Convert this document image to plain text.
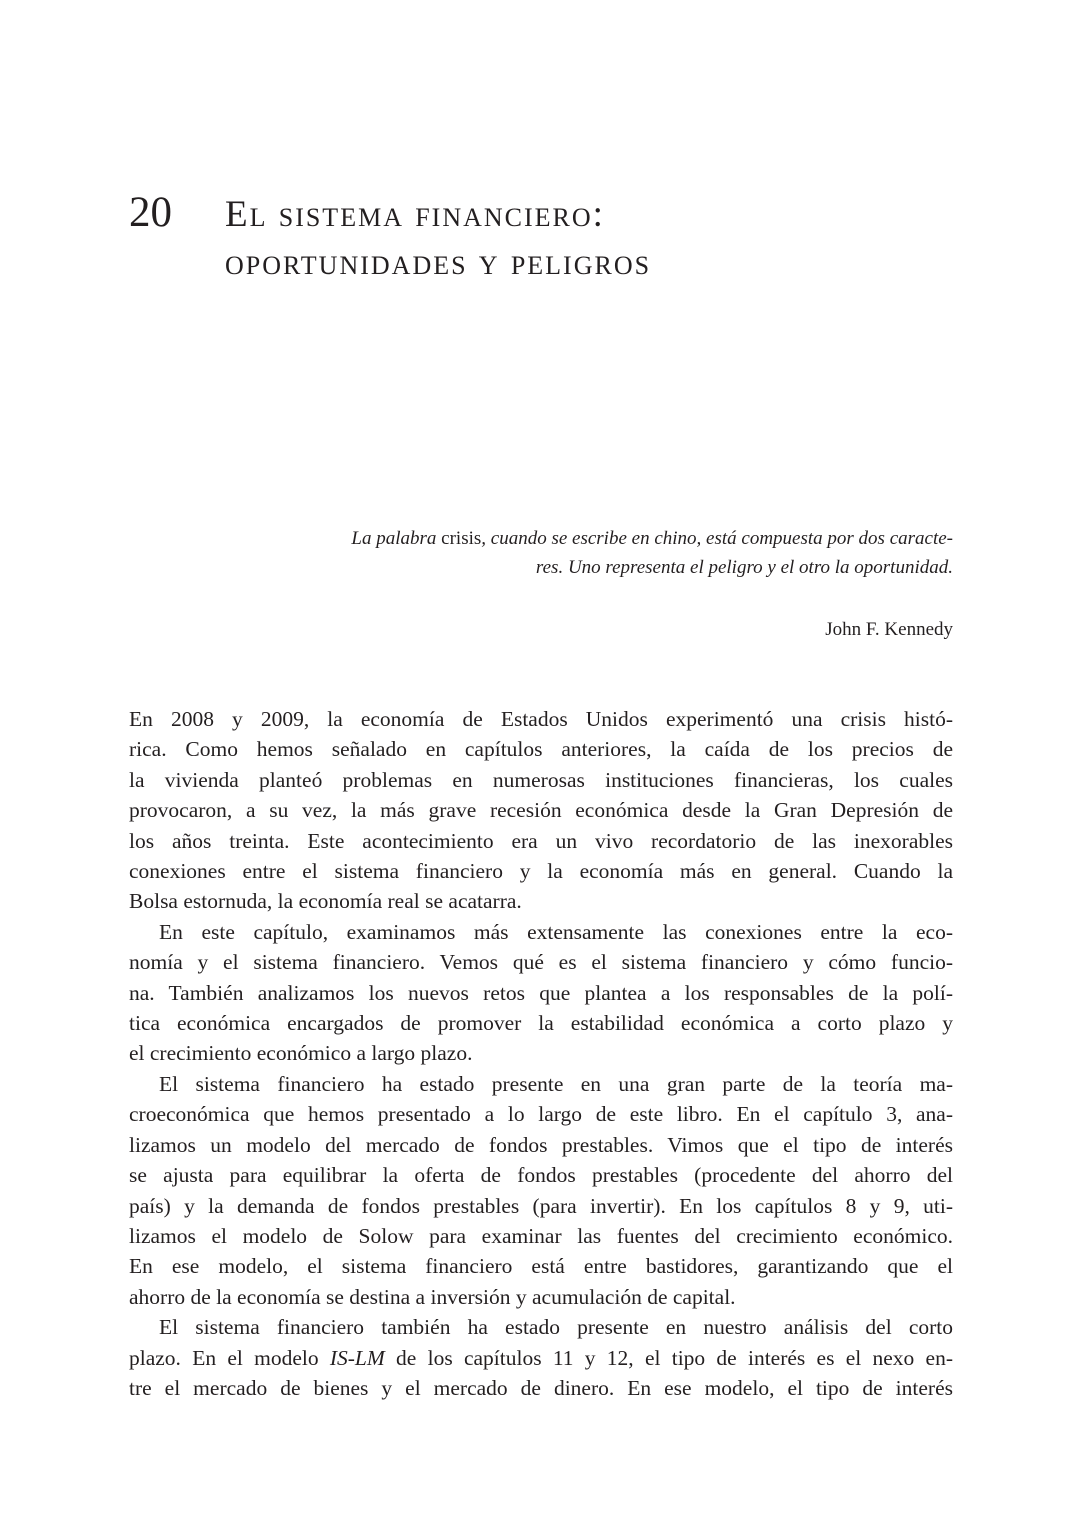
20 El sistema financiero:
oportunidades y peligros
La palabra crisis, cuando se escribe en chino, está compuesta por dos caracte-
res. Uno representa el peligro y el otro la oportunidad.
John F. Kennedy
En 2008 y 2009, la economía de Estados Unidos experimentó una crisis histó-
rica. Como hemos señalado en capítulos anteriores, la caída de los precios de
la vivienda planteó problemas en numerosas instituciones financieras, los cuales
provocaron, a su vez, la más grave recesión económica desde la Gran Depresión de
los años treinta. Este acontecimiento era un vivo recordatorio de las inexorables
conexiones entre el sistema financiero y la economía más en general. Cuando la
Bolsa estornuda, la economía real se acatarra.
En este capítulo, examinamos más extensamente las conexiones entre la eco-
nomía y el sistema financiero. Vemos qué es el sistema financiero y cómo funcio-
na. También analizamos los nuevos retos que plantea a los responsables de la polí-
tica económica encargados de promover la estabilidad económica a corto plazo y
el crecimiento económico a largo plazo.
El sistema financiero ha estado presente en una gran parte de la teoría ma-
croeconómica que hemos presentado a lo largo de este libro. En el capítulo 3, ana-
lizamos un modelo del mercado de fondos prestables. Vimos que el tipo de interés
se ajusta para equilibrar la oferta de fondos prestables (procedente del ahorro del
país) y la demanda de fondos prestables (para invertir). En los capítulos 8 y 9, uti-
lizamos el modelo de Solow para examinar las fuentes del crecimiento económico.
En ese modelo, el sistema financiero está entre bastidores, garantizando que el
ahorro de la economía se destina a inversión y acumulación de capital.
El sistema financiero también ha estado presente en nuestro análisis del corto
plazo. En el modelo IS-LM de los capítulos 11 y 12, el tipo de interés es el nexo en-
tre el mercado de bienes y el mercado de dinero. En ese modelo, el tipo de interés
